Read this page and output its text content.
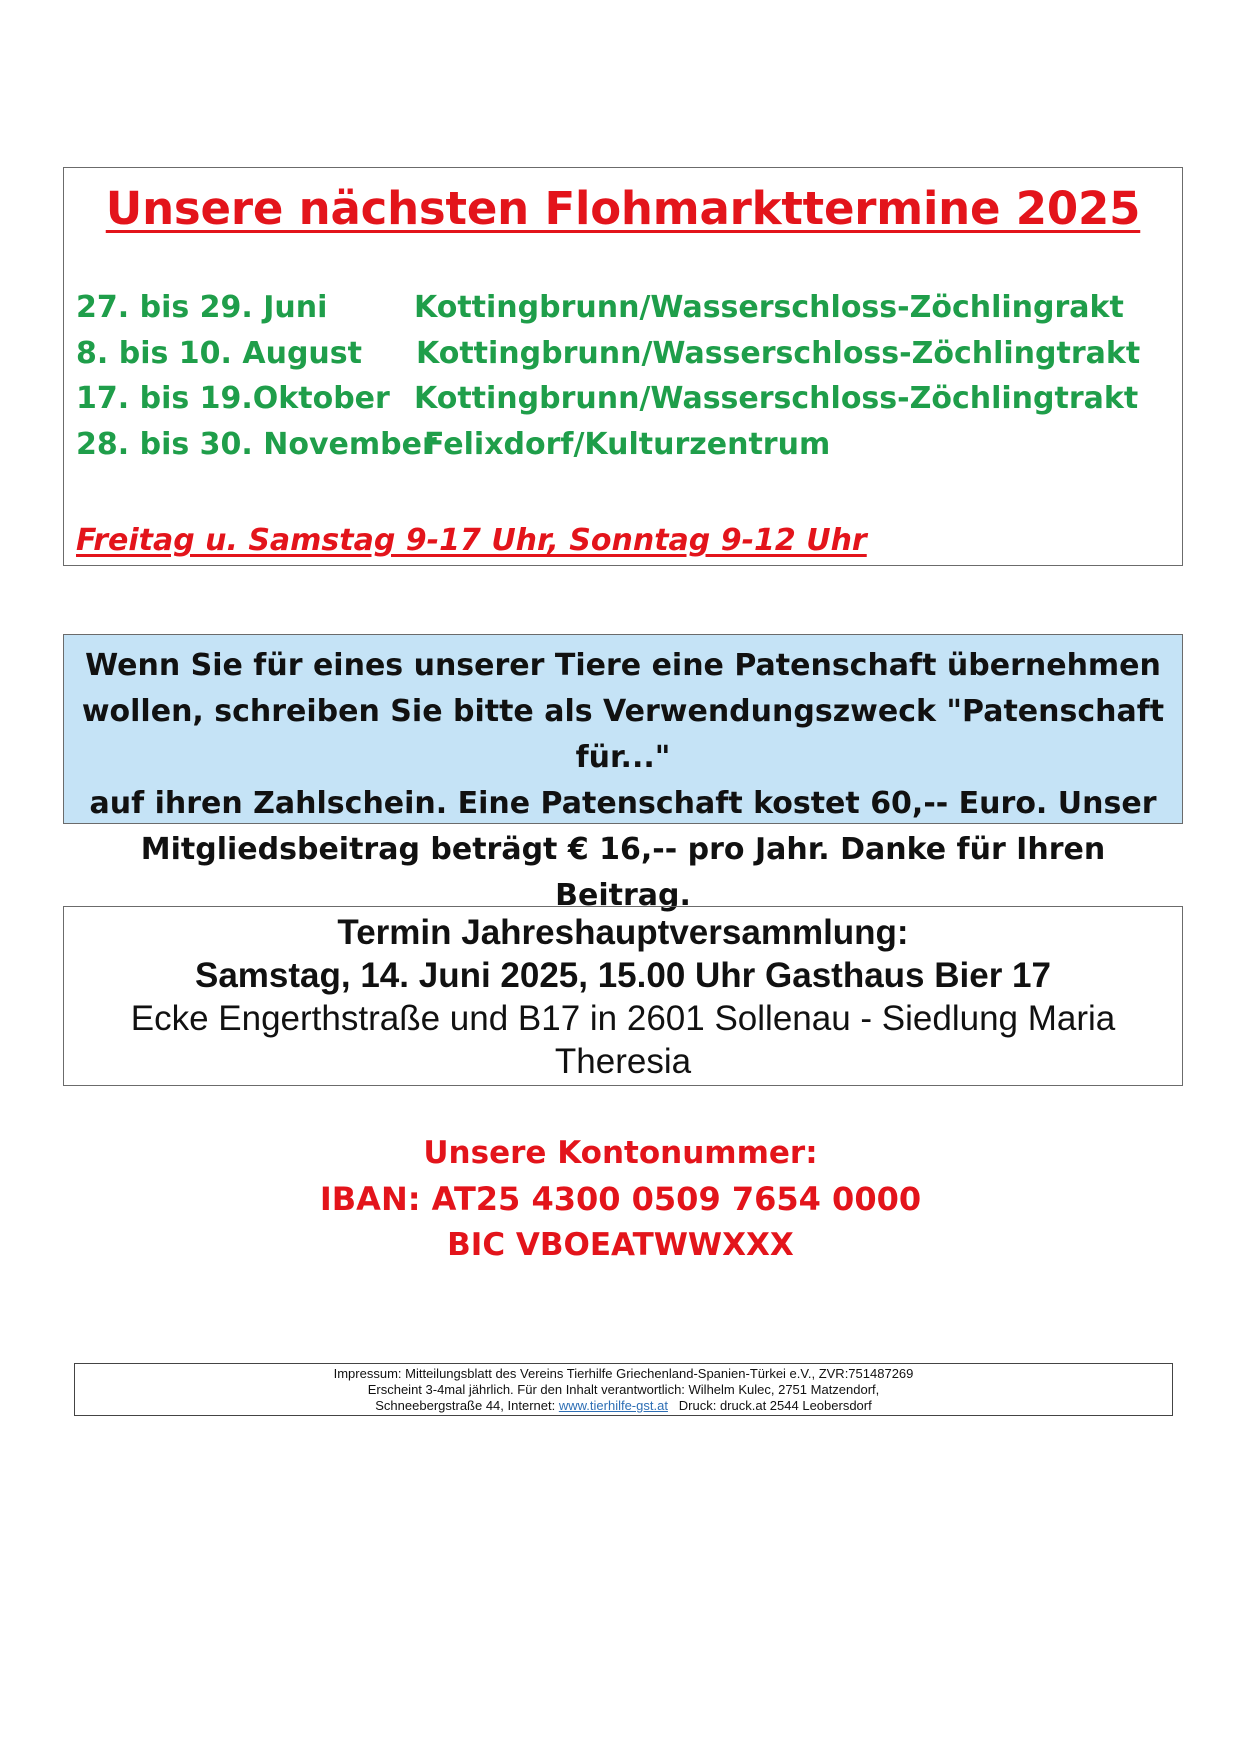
Unsere nächsten Flohmarkttermine 2025
27. bis 29. Juni	Kottingbrunn/Wasserschloss-Zöchlingrakt
8. bis 10. August Kottingbrunn/Wasserschloss-Zöchlingtrakt
17. bis 19.Oktober Kottingbrunn/Wasserschloss-Zöchlingtrakt
28. bis 30. November
Felixdorf/Kulturzentrum
Freitag u. Samstag 9-17 Uhr, Sonntag 9-12 Uhr
Wenn Sie für eines unserer Tiere eine Patenschaft übernehmen
wollen, schreiben Sie bitte als Verwendungszweck "Patenschaft für..."
auf ihren Zahlschein. Eine Patenschaft kostet 60,-- Euro. Unser
Mitgliedsbeitrag beträgt € 16,-- pro Jahr. Danke für Ihren Beitrag.
Termin Jahreshauptversammlung:
Samstag, 14. Juni 2025, 15.00 Uhr Gasthaus Bier 17
Ecke Engerthstraße und B17 in 2601 Sollenau - Siedlung Maria
Theresia
Unsere Kontonummer:
IBAN: AT25 4300 0509 7654 0000
BIC VBOEATWWXXX
Impressum: Mitteilungsblatt des Vereins Tierhilfe Griechenland-Spanien-Türkei e.V., ZVR:751487269
Erscheint 3-4mal jährlich. Für den Inhalt verantwortlich: Wilhelm Kulec, 2751 Matzendorf,
Schneebergstraße 44, Internet: www.tierhilfe-gst.at Druck: druck.at 2544 Leobersdorf
